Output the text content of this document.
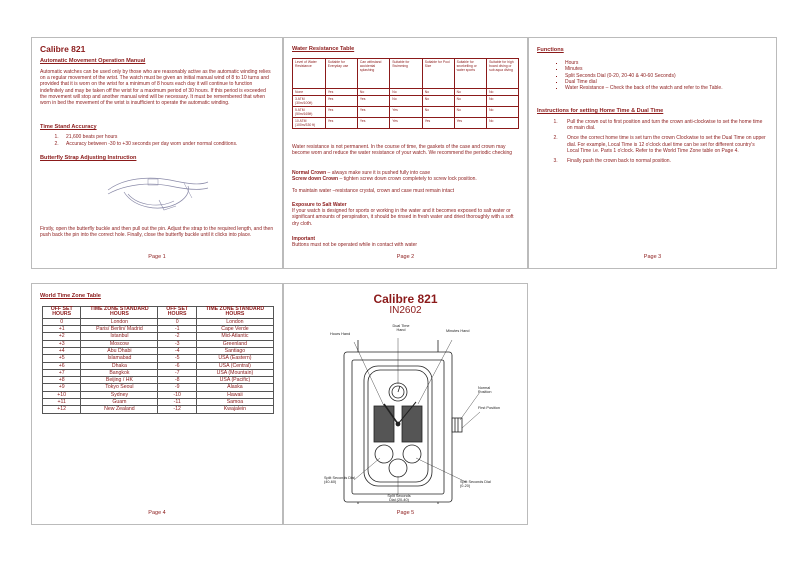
Calibre 821

Automatic Movement Operation Manual

Automatic watches can be used only by those who are reasonably active as the automatic winding relies on a regular movement of the wrist. The watch must be given an initial manual wind of 8 to 10 turns and provided that it is worn on the wrist for a minimum of 8 hours each day it will continue to function indefinitely and may be taken off the wrist for a maximum period of 30 hours. If this period is exceeded the movement will stop and another manual wind will be necessary. It must be remembered that when worn in bed the movement of the wrist is insufficient to operate the automatic winding.

Time Stand Accuracy

1. 21,600 beats per hours
2. Accuracy between -30 to +30 seconds per day worn under normal conditions.

Butterfly Strap Adjusting Instruction

Firstly, open the butterfly buckle and then pull out the pin. Adjust the strap to the required length, and then push back the pin into the correct hole. Finally, close the butterfly buckle until it clicks into place.

Page 1

Water Resistance Table

Level of Water Resistance	Suitable for Everyday use	Can withstand accidental splashing	Suitable for Swimming	Suitable for Pool Size	Suitable for snorkelling or water sports	Suitable for high board diving or sub aqua diving
None	Yes	No	No	No	No	No
3 ATM (30m/100ft)	Yes	Yes	No	No	No	No
5 ATM (50m/165ft)	Yes	Yes	Yes	No	No	No
10 ATM (100m/330 ft)	Yes	Yes	Yes	Yes	Yes	No

Water resistance is not permanent. In the course of time, the gaskets of the case and crown may become worn and reduce the water resistance of your watch. We recommend the periodic checking

Normal Crown – always make sure it is pushed fully into case

Screw down Crown – tighten screw down crown completely to screw lock position.

To maintain water –resistance crystal, crown and case must remain intact

Exposure to Salt Water

If your watch is designed for sports or working in the water and it becomes exposed to salt water or significant amounts of perspiration, it should be rinsed in fresh water and dried thoroughly with a soft dry cloth.

Important

Buttons must not be operated while in contact with water

Page 2

Functions

▪ Hours
▪ Minutes
▪ Split Seconds Dial (0-20, 20-40 & 40-60 Seconds)
▪ Dual Time dial
▪ Water Resistance – Check the back of the watch and refer to the Table.

Instructions for setting Home Time & Dual Time

1. Pull the crown out to first position and turn the crown anti-clockwise to set the home time on main dial.
2. Once the correct home time is set turn the crown Clockwise to set the Dual Time on upper dial. For example, Local Time is 12 o'clock duel time can be set for different country's Local Time i.e. Paris 1 o'clock. Refer to the World Time Zone table on Page 4.
3. Finally push the crown back to normal position.
Page 3

World Time Zone Table

OFF SET HOURS	TIME ZONE STANDARD HOURS	OFF SET HOURS	TIME ZONE STANDARD HOURS
0	London	0	London
+1	Paris/ Berlin/ Madrid	-1	Cape Verde
+2	Istanbul	-2	Mid-Atlantic
+3	Moscow	-3	Greenland
+4	Abu Dhabi	-4	Santiago
+5	Islamabad	-5	USA (Eastern)
+6	Dhaka	-6	USA (Central)
+7	Bangkok	-7	USA (Mountain)
+8	Beijing / HK	-8	USA (Pacific)
+9	Tokyo Seoul	-9	Alaska
+10	Sydney	-10	Hawaii
+11	Guam	-11	Samoa
+12	New Zealand	-12	Kwajalein
Page 4
Calibre 821
IN2602
Dual Time Hand	Minutes Hand
Hours Hand
Normal Position
First Position
Split Seconds Dial (40-60)	Split Seconds Dial (0-20)
Split Seconds Dial (20-40)
Page 5
